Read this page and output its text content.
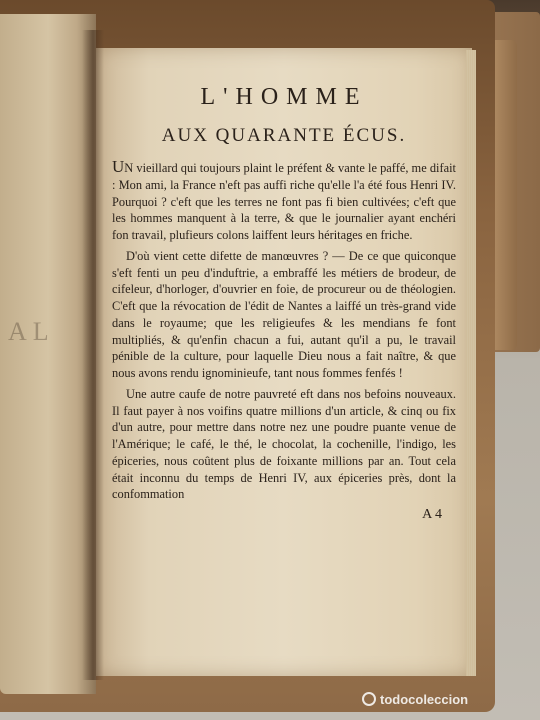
AL
L'HOMME
AUX QUARANTE ÉCUS.

UN vieillard qui toujours plaint le préfent & vante le paffé, me difait : Mon ami, la France n'eft pas auffi riche qu'elle l'a été fous Henri IV. Pourquoi ? c'eft que les terres ne font pas fi bien cultivées; c'eft que les hommes manquent à la terre, & que le journalier ayant enchéri fon travail, plufieurs colons laiffent leurs héritages en friche.

D'où vient cette difette de manœuvres ? — De ce que quiconque s'eft fenti un peu d'induftrie, a embraffé les métiers de brodeur, de cifeleur, d'horloger, d'ouvrier en foie, de procureur ou de théologien. C'eft que la révocation de l'édit de Nantes a laiffé un très-grand vide dans le royaume; que les religieufes & les mendians fe font multipliés, & qu'enfin chacun a fui, autant qu'il a pu, le travail pénible de la culture, pour laquelle Dieu nous a fait naître, & que nous avons rendu ignominieufe, tant nous fommes fenfés !

Une autre caufe de notre pauvreté eft dans nos befoins nouveaux. Il faut payer à nos voifins quatre millions d'un article, & cinq ou fix d'un autre, pour mettre dans notre nez une poudre puante venue de l'Amérique; le café, le thé, le chocolat, la cochenille, l'indigo, les épiceries, nous coûtent plus de foixante millions par an. Tout cela était inconnu du temps de Henri IV, aux épiceries près, dont la confommation

A 4
todocoleccion
